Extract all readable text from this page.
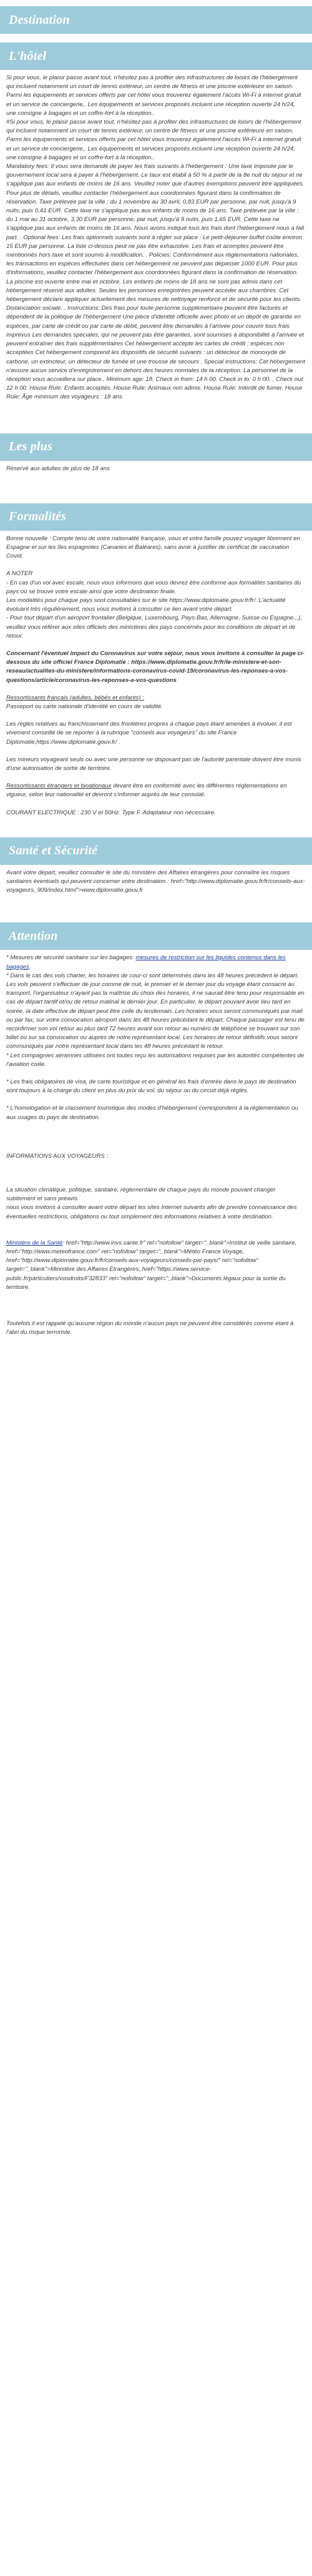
Destination
L'hôtel

Si pour vous, le plaisir passe avant tout, n'hésitez pas à profiter des infrastructures de loisirs de l'hébergement qui incluent notamment un court de tennis extérieur, un centre de fitness et une piscine extérieure en saison. Parmi les équipements et services offerts par cet hôtel vous trouverez également l'accès Wi-Fi à internet gratuit et un service de conciergerie,. Les équipements et services proposés incluent une réception ouverte 24 h/24, une consigne à bagages et un coffre-fort à la réception..

#Si pour vous, le plaisir passe avant tout, n'hésitez pas à profiter des infrastructures de loisirs de l'hébergement qui incluent notamment un court de tennis extérieur, un centre de fitness et une piscine extérieure en saison. Parmi les équipements et services offerts par cet hôtel vous trouverez également l'accès Wi-Fi à internet gratuit et un service de conciergerie,. Les équipements et services proposés incluent une réception ouverte 24 h/24, une consigne à bagages et un coffre-fort à la réception..

Mandatory fees: Il vous sera demandé de payer les frais suivants à l'hébergement : Une taxe imposée par le gouvernement local sera à payer à l'hébergement. Le taux est établi à 50 % à partir de la 8e nuit du séjour et ne s'applique pas aux enfants de moins de 16 ans. Veuillez noter que d'autres exemptions peuvent être appliquées. Pour plus de détails, veuillez contacter l'hébergement aux coordonnées figurant dans la confirmation de réservation. Taxe prélevée par la ville : du 1 novembre au 30 avril, 0,83 EUR par personne, par nuit, jusqu'à 9 nuits, puis 0,41 EUR. Cette taxe ne s'applique pas aux enfants de moins de 16 ans. Taxe prélevée par la ville : du 1 mai au 31 octobre, 3,30 EUR par personne, par nuit, jusqu'à 9 nuits, puis 1,65 EUR. Cette taxe ne s'applique pas aux enfants de moins de 16 ans. Nous avons indiqué tous les frais dont l'hébergement nous a fait part. . Optional fees: Les frais optionnels suivants sont à régler sur place : Le petit-déjeuner buffet coûte environ 15 EUR par personne. La liste ci-dessus peut ne pas être exhaustive. Les frais et acomptes peuvent être mentionnés hors taxe et sont soumis à modification. . Policies: Conformément aux réglementations nationales, les transactions en espèces effectuées dans cet hébergement ne peuvent pas dépasser 1000 EUR. Pour plus d'informations, veuillez contacter l'hébergement aux coordonnées figurant dans la confirmation de réservation. La piscine est ouverte entre mai et octobre. Les enfants de moins de 18 ans ne sont pas admis dans cet hébergement réservé aux adultes. Seules les personnes enregistrées peuvent accéder aux chambres. Cet hébergement déclare appliquer actuellement des mesures de nettoyage renforcé et de sécurité pour les clients. Distanciation sociale. . Instructions: Des frais pour toute personne supplémentaire peuvent être facturés et dépendent de la politique de l'hébergement Une pièce d'identité officielle avec photo et un dépôt de garantie en espèces, par carte de crédit ou par carte de débit, peuvent être demandés à l'arrivée pour couvrir tous frais imprévus Les demandes spéciales, qui ne peuvent pas être garanties, sont soumises à disponibilité à l'arrivée et peuvent entraîner des frais supplémentaires Cet hébergement accepte les cartes de crédit ; espèces non acceptées Cet hébergement comprend les dispositifs de sécurité suivants : un détecteur de monoxyde de carbone, un extincteur, un détecteur de fumée et une trousse de secours . Special instructions: Cet hébergement n'assure aucun service d'enregistrement en dehors des heures normales de la réception. La personnel de la réception vous accueillera sur place.. Minimum age: 18. Check in from: 14 h 00. Check in to: 0 h 00. . Check out: 12 h 00. House Rule: Enfants acceptés. House Rule: Animaux non admis. House Rule: Interdit de fumer. House Rule: Âge minimum des voyageurs : 18 ans.

Les plus

Réservé aux adultes de plus de 18 ans

Formalités

Bonne nouvelle : Compte tenu de votre nationalité française, vous et votre famille pouvez voyager librement en Espagne et sur les îles espagnoles (Canaries et Baléares), sans avoir à justifier de certificat de vaccination Covid.

A NOTER

- En cas d'un vol avec escale, nous vous informons que vous devrez être conforme aux formalités sanitaires du pays où se trouve votre escale ainsi que votre destination finale.
Les modalités pour chaque pays sont consultables sur le site https://www.diplomatie.gouv.fr/fr/. L'actualité évoluant très régulièrement, nous vous invitons à consulter ce lien avant votre départ.
- Pour tout départ d'un aéroport frontalier (Belgique, Luxembourg, Pays-Bas, Allemagne, Suisse ou Espagne...), veuillez vous référer aux sites officiels des ministères des pays concernés pour les conditions de départ et de retour.

Concernant l'éventuel impact du Coronavirus sur votre séjour, nous vous invitons à consulter la page ci-dessous du site officiel France Diplomatie : https://www.diplomatie.gouv.fr/fr/le-ministere-et-son-reseau/actualites-du-ministere/informations-coronavirus-covid-19/coronavirus-les-reponses-a-vos-questions/article/coronavirus-les-reponses-a-vos-questions

Ressortissants français (adultes, bébés et enfants) :

Passeport ou carte nationale d'identité en cours de validité.

Les règles relatives au franchissement des frontières propres à chaque pays étant amenées à évoluer, il est vivement conseillé de se reporter à la rubrique "conseils aux voyageurs" du site France Diplomatie,https://www.diplomatie.gouv.fr/ .

Les mineurs voyageant seuls ou avec une personne ne disposant pas de l'autorité parentale doivent être munis d'une autorisation de sortie de territoire.

Ressortissants étrangers et binationaux devant être en conformité avec les différentes réglementations en vigueur, selon leur nationalité et devront s'informer auprès de leur consulat.

COURANT ELECTRIQUE : 230 V et 50Hz. Type F. Adaptateur non nécessaire.

Santé et Sécurité

Avant votre départ, veuillez consulter le site du ministère des Affaires étrangères pour connaître les risques sanitaires éventuels qui peuvent concerner votre destination : href="http://www.diplomatie.gouv.fr/fr/conseils-aux-voyageurs_909/index.html">www.diplomatie.gouv.fr

Attention

* Mesures de sécurité sanitaire sur les bagages: mesures de restriction sur les liquides contenus dans les bagages.

* Dans le cas des vols charter, les horaires de cour-ci sont déterminés dans les 48 heures précédent le départ. Les vols peuvent s'effectuer de jour comme de nuit, le premier et le dernier jour du voyage étant consacré au transport, l'organisateur n'ayant pas la maîtrise du choix des horaires, il ne saurait être tenu pour responsable en cas de départ tardif et/ou de retour matinal le dernier jour. En particulier, le départ pouvant avoir lieu tard en soirée, la date effective de départ peut être celle du lendemain. Les horaires vous seront communiqués par mail ou par fax, sur votre convocation aéroport dans les 48 heures précédant le départ. Chaque passager est tenu de reconfirmer son vol retour au plus tard 72 heures avant son retour au numéro de téléphone se trouvant sur son billet ou sur sa convocation ou auprès de notre représentant local. Les horaires de retour définitifs vous seront communiqués par notre représentant local dans les 48 heures précédant le retour.
* Les compagnies aériennes utilisées ont toutes reçu les autorisations requises par les autorités compétentes de l'aviation civile.

* Les frais obligatoires de visa, de carte touristique et en général les frais d'entrée dans le pays de destination sont toujours à la charge du client en plus du prix du vol, du séjour ou du circuit déjà réglés.

* L'homologation et le classement touristique des modes d'hébergement correspondent à la réglementation ou aux usages du pays de destination.

INFORMATIONS AUX VOYAGEURS :

La situation climatique, politique, sanitaire, réglementaire de chaque pays du monde pouvant changer subitement et sans préavis
nous vous invitons à consulter avant votre départ les sites Internet suivants afin de prendre connaissance des éventuelles restrictions, obligations ou tout simplement des informations relatives à votre destination.

Ministère de la Santé: href="http://www.invs.sante.fr" rel="nofollow" target="_blank">Institut de veille sanitaire, href="http://www.meteofrance.com" rel="nofollow" target="_blank">Météo France Voyage, href="http://www.diplomatie.gouv.fr/fr/conseils-aux-voyageurs/conseils-par-pays/" rel="nofollow" target="_blank">Ministère des Affaires Etrangères, href="https://www.service-public.fr/particuliers/vosdroits/F32833" rel="nofollow" target="_blank">Documents légaux pour la sortie du territoire.

Toutefois il est rappelé qu'aucune région du monde n'aucun pays ne peuvent être considérés comme étant à l'abri du risque terroriste.
